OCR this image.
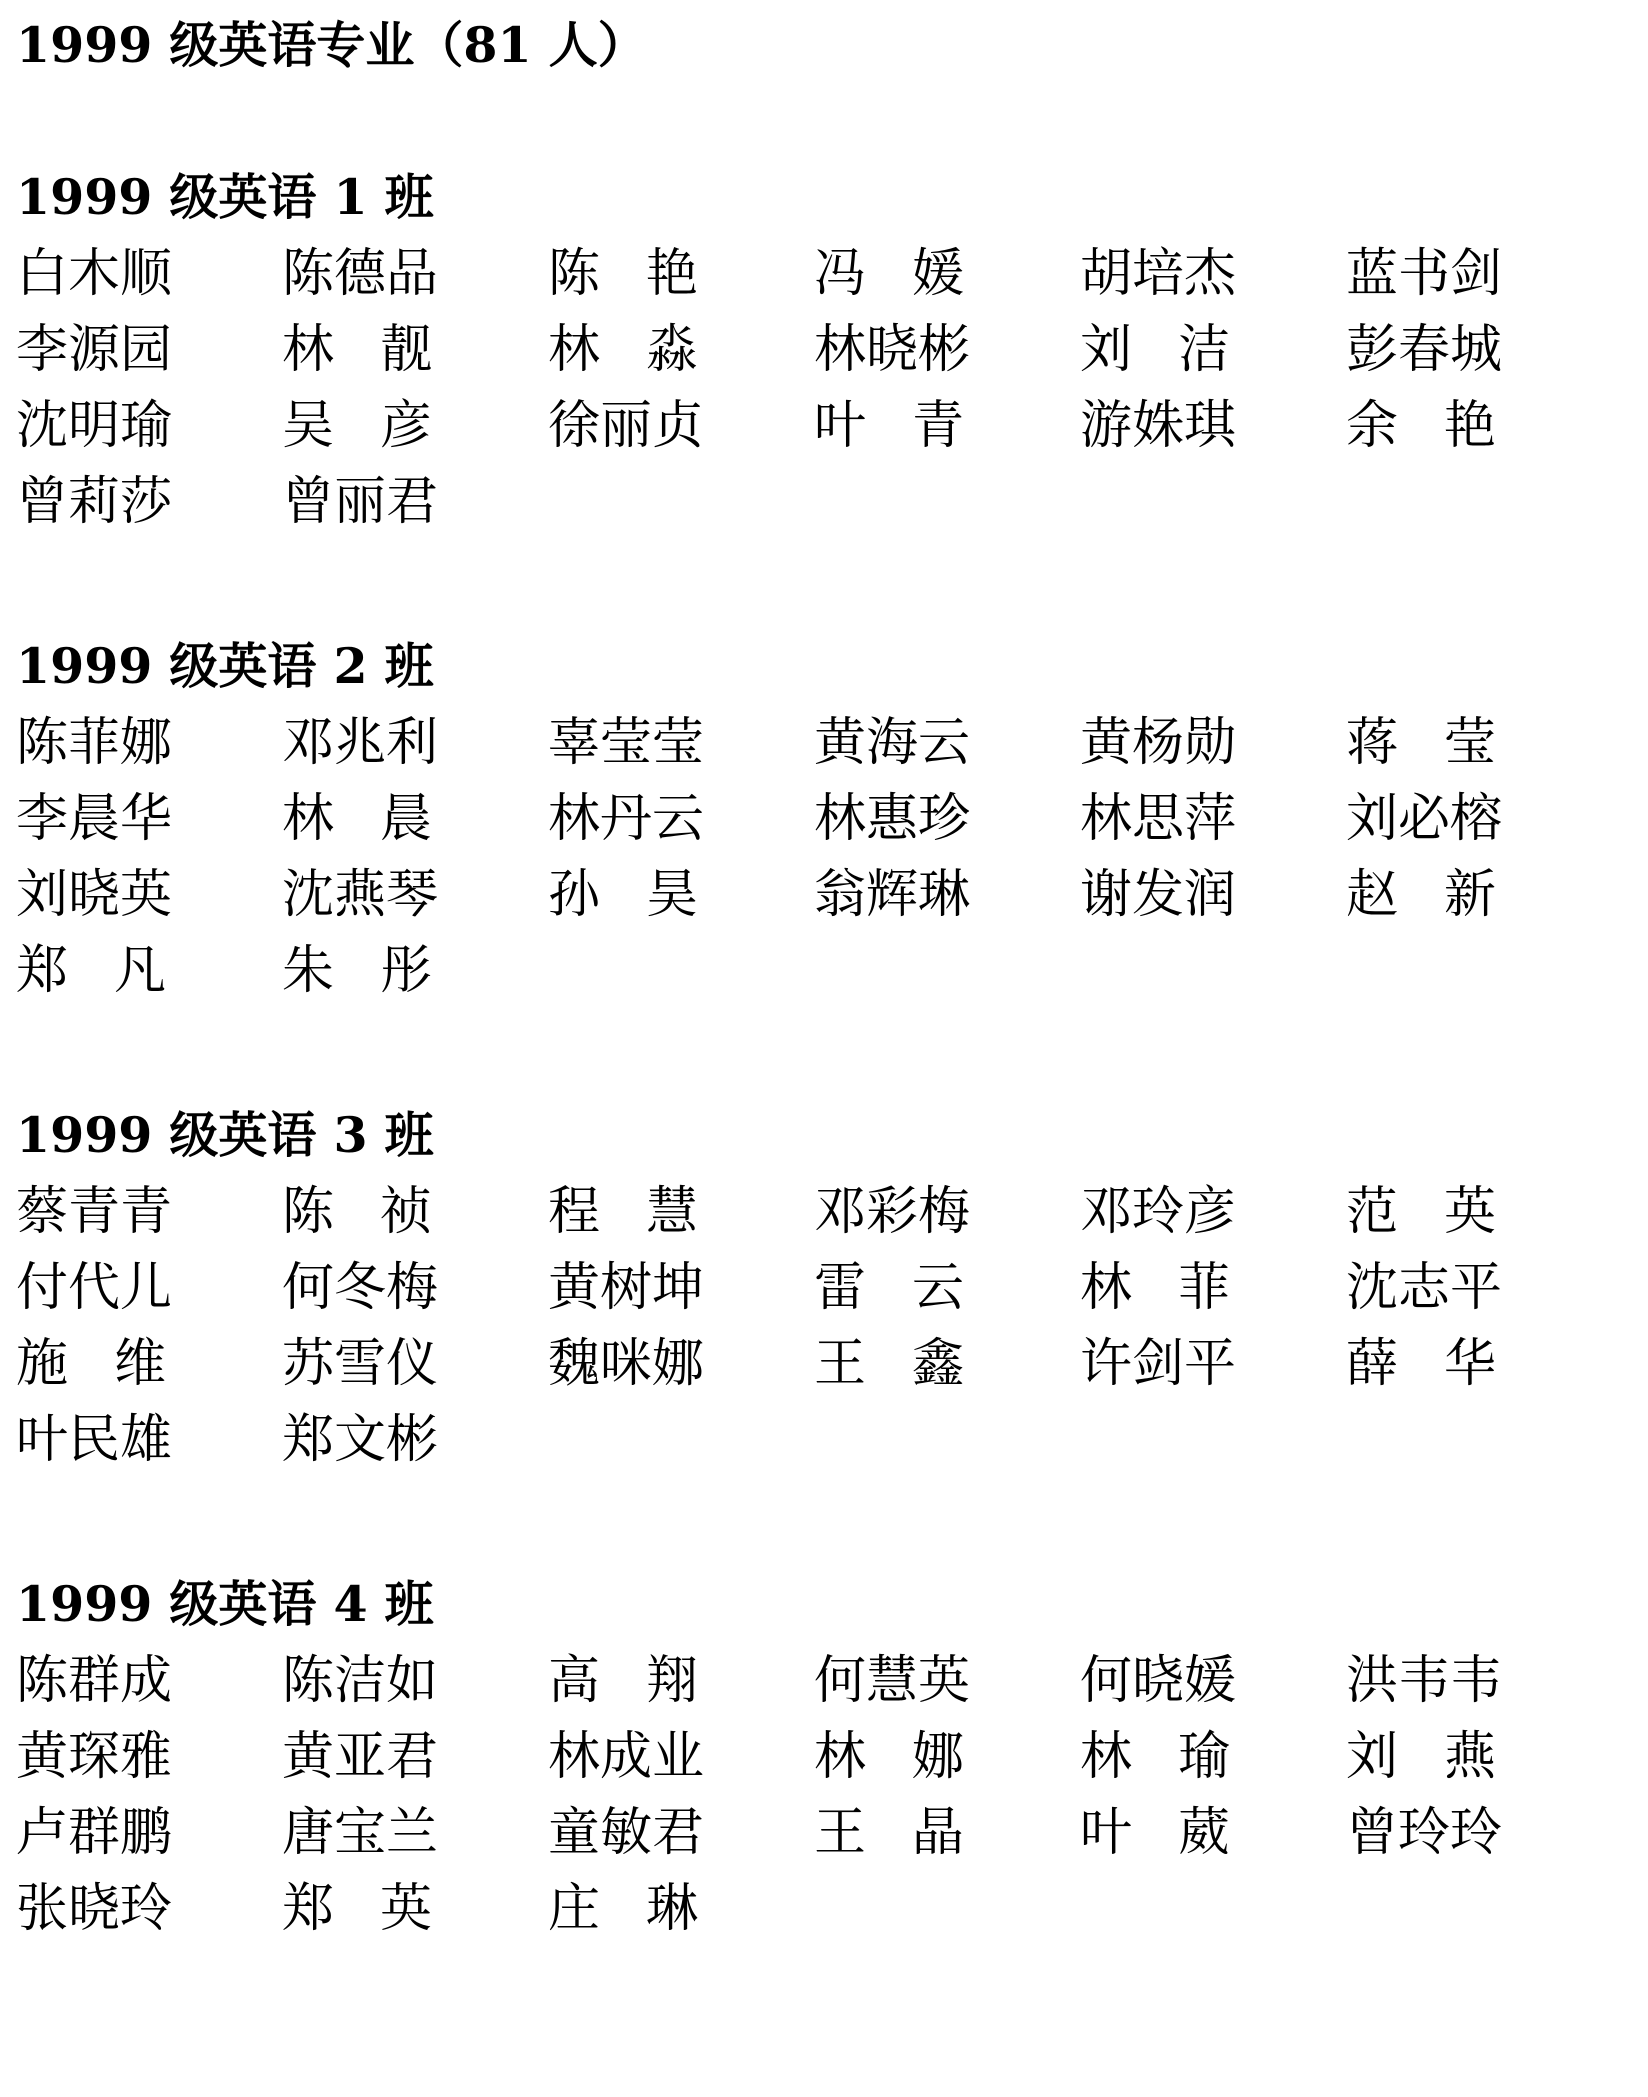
1999 级英语专业（81 人）
1999 级英语 1 班
白 木 顺 陈 德 品 陈 艳 冯 媛 胡 培 杰 蓝 书 剑
李 源 园 林 靓 林 淼 林 晓 彬 刘 洁 彭 春 城
沈 明 瑜 吴 彦 徐 丽 贞 叶 青 游 姝 琪 余 艳
曾 莉 莎 曾 丽 君
1999 级英语 2 班
陈 菲 娜 邓 兆 利 辜 莹 莹 黄 海 云 黄 杨 勋 蒋 莹
李 晨 华 林 晨 林 丹 云 林 惠 珍 林 思 萍 刘 必 榕
刘 晓 英 沈 燕 琴 孙 昊 翁 辉 琳 谢 发 润 赵 新
郑 凡 朱 彤
1999 级英语 3 班
蔡 青 青 陈 祯 程 慧 邓 彩 梅 邓 玲 彦 范 英
付 代 儿 何 冬 梅 黄 树 坤 雷 云 林 菲 沈 志 平
施 维 苏 雪 仪 魏 咪 娜 王 鑫 许 剑 平 薛 华
叶 民 雄 郑 文 彬
1999 级英语 4 班
陈 群 成 陈 洁 如 高 翔 何 慧 英 何 晓 媛 洪 韦 韦
黄 琛 雅 黄 亚 君 林 成 业 林 娜 林 瑜 刘 燕
卢 群 鹏 唐 宝 兰 童 敏 君 王 晶 叶 葳 曾 玲 玲
张 晓 玲 郑 英 庄 琳
